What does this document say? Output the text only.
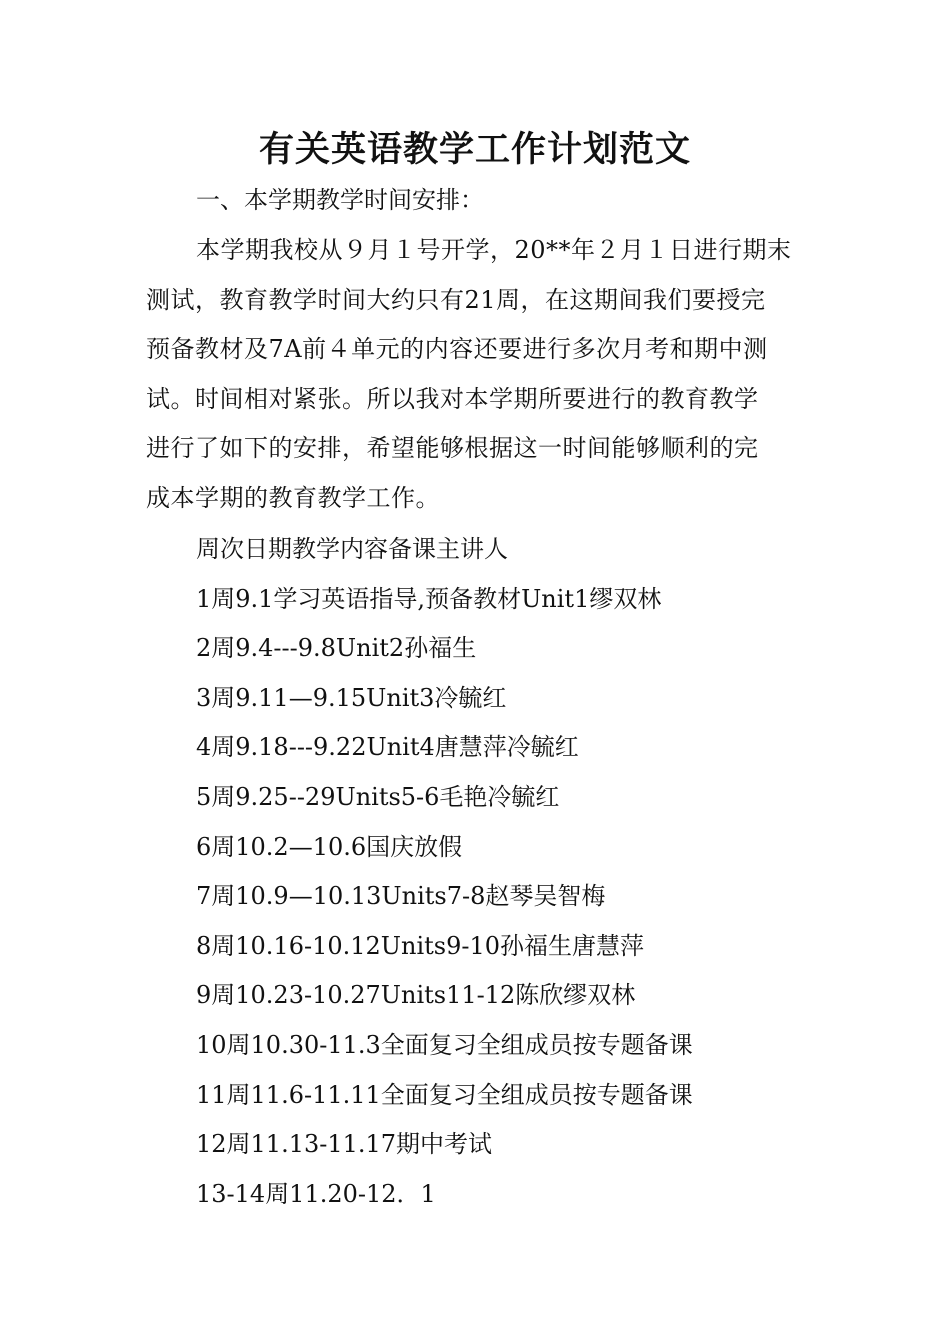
有关英语教学工作计划范文

一、本学期教学时间安排：

本学期我校从９月１号开学，20**年２月１日进行期末
测试，教育教学时间大约只有21周，在这期间我们要授完
预备教材及7A前４单元的内容还要进行多次月考和期中测
试。时间相对紧张。所以我对本学期所要进行的教育教学
进行了如下的安排，希望能够根据这一时间能够顺利的完
成本学期的教育教学工作。
周次日期教学内容备课主讲人
1周9.1学习英语指导,预备教材Unit1缪双林
2周9.4---9.8Unit2孙福生
3周9.11—9.15Unit3冷毓红
4周9.18---9.22Unit4唐慧萍冷毓红
5周9.25--29Units5-6毛艳冷毓红
6周10.2—10.6国庆放假
7周10.9—10.13Units7-8赵琴吴智梅
8周10.16-10.12Units9-10孙福生唐慧萍
9周10.23-10.27Units11-12陈欣缪双林
10周10.30-11.3全面复习全组成员按专题备课
11周11.6-11.11全面复习全组成员按专题备课
12周11.13-11.17期中考试
13-14周11.20-12．1
